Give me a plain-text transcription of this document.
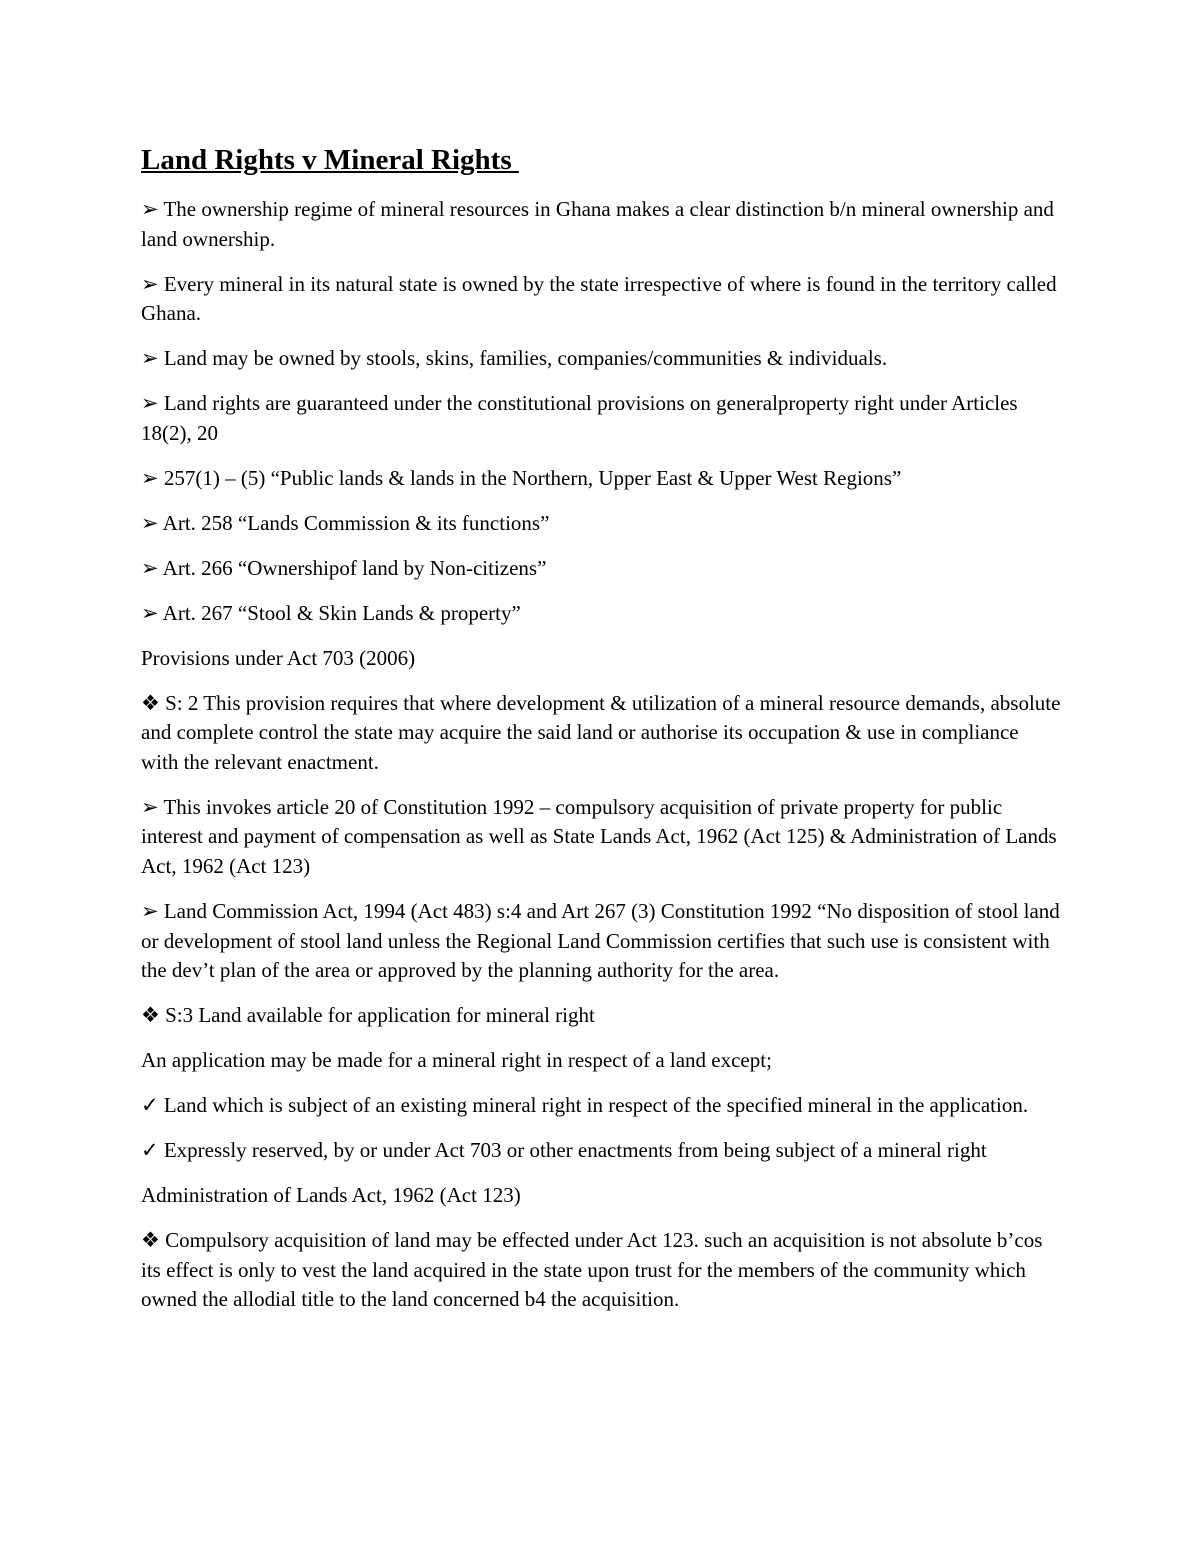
Land Rights v Mineral Rights

➢ The ownership regime of mineral resources in Ghana makes a clear distinction b/n mineral ownership and land ownership.

➢ Every mineral in its natural state is owned by the state irrespective of where is found in the territory called Ghana.

➢ Land may be owned by stools, skins, families, companies/communities & individuals.

➢ Land rights are guaranteed under the constitutional provisions on generalproperty right under Articles 18(2), 20

➢ 257(1) – (5) “Public lands & lands in the Northern, Upper East & Upper West Regions”

➢ Art. 258 “Lands Commission & its functions”

➢ Art. 266 “Ownershipof land by Non-citizens”

➢ Art. 267 “Stool & Skin Lands & property”

Provisions under Act 703 (2006)

❖ S: 2 This provision requires that where development & utilization of a mineral resource demands, absolute and complete control the state may acquire the said land or authorise its occupation & use in compliance with the relevant enactment.

➢ This invokes article 20 of Constitution 1992 – compulsory acquisition of private property for public interest and payment of compensation as well as State Lands Act, 1962 (Act 125) & Administration of Lands Act, 1962 (Act 123)

➢ Land Commission Act, 1994 (Act 483) s:4 and Art 267 (3) Constitution 1992 “No disposition of stool land or development of stool land unless the Regional Land Commission certifies that such use is consistent with the dev’t plan of the area or approved by the planning authority for the area.

❖ S:3 Land available for application for mineral right

An application may be made for a mineral right in respect of a land except;

✓ Land which is subject of an existing mineral right in respect of the specified mineral in the application.

✓ Expressly reserved, by or under Act 703 or other enactments from being subject of a mineral right

Administration of Lands Act, 1962 (Act 123)

❖ Compulsory acquisition of land may be effected under Act 123. such an acquisition is not absolute b’cos its effect is only to vest the land acquired in the state upon trust for the members of the community which owned the allodial title to the land concerned b4 the acquisition.
